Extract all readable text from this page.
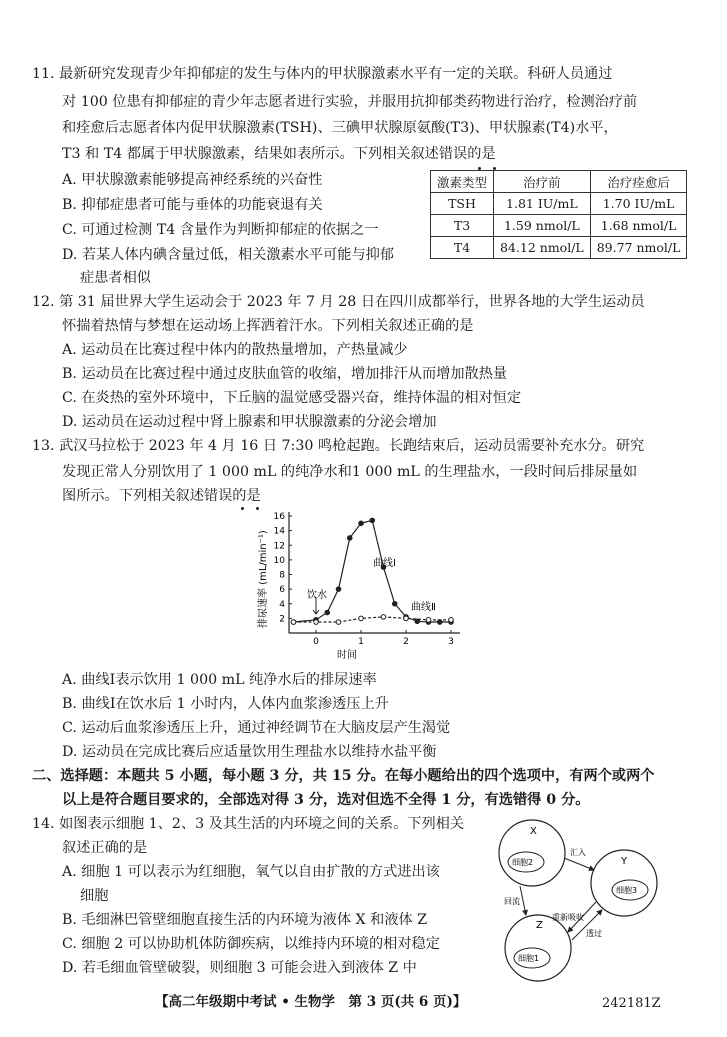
11. 最新研究发现青少年抑郁症的发生与体内的甲状腺激素水平有一定的关联。科研人员通过
对 100 位患有抑郁症的青少年志愿者进行实验，并服用抗抑郁类药物进行治疗，检测治疗前
和痊愈后志愿者体内促甲状腺激素(TSH)、三碘甲状腺原氨酸(T3)、甲状腺素(T4)水平，
T3 和 T4 都属于甲状腺激素，结果如表所示。下列相关叙述错误的是
A. 甲状腺激素能够提高神经系统的兴奋性
B. 抑郁症患者可能与垂体的功能衰退有关
C. 可通过检测 T4 含量作为判断抑郁症的依据之一
D. 若某人体内碘含量过低，相关激素水平可能与抑郁
症患者相似
激素类型	治疗前	治疗痊愈后
TSH	1.81 IU/mL	1.70 IU/mL
T3	1.59 nmol/L	1.68 nmol/L
T4	84.12 nmol/L	89.77 nmol/L
12. 第 31 届世界大学生运动会于 2023 年 7 月 28 日在四川成都举行，世界各地的大学生运动员
怀揣着热情与梦想在运动场上挥洒着汗水。下列相关叙述正确的是
A. 运动员在比赛过程中体内的散热量增加，产热量减少
B. 运动员在比赛过程中通过皮肤血管的收缩，增加排汗从而增加散热量
C. 在炎热的室外环境中，下丘脑的温觉感受器兴奋，维持体温的相对恒定
D. 运动员在运动过程中肾上腺素和甲状腺激素的分泌会增加
13. 武汉马拉松于 2023 年 4 月 16 日 7:30 鸣枪起跑。长跑结束后，运动员需要补充水分。研究
发现正常人分别饮用了 1 000 mL 的纯净水和1 000 mL 的生理盐水，一段时间后排尿量如
图所示。下列相关叙述错误的是
2
4
6
8
10
12
14
16
0	1	2	3
排尿速率 (mL/min⁻¹)
时间
曲线Ⅰ
曲线Ⅱ
饮水
A. 曲线Ⅰ表示饮用 1 000 mL 纯净水后的排尿速率
B. 曲线Ⅰ在饮水后 1 小时内，人体内血浆渗透压上升
C. 运动后血浆渗透压上升，通过神经调节在大脑皮层产生渴觉
D. 运动员在完成比赛后应适量饮用生理盐水以维持水盐平衡
二、选择题：本题共 5 小题，每小题 3 分，共 15 分。在每小题给出的四个选项中，有两个或两个
以上是符合题目要求的，全部选对得 3 分，选对但选不全得 1 分，有选错得 0 分。
14. 如图表示细胞 1、2、3 及其生活的内环境之间的关系。下列相关
叙述正确的是
A. 细胞 1 可以表示为红细胞，氧气以自由扩散的方式进出该
细胞
B. 毛细淋巴管壁细胞直接生活的内环境为液体 X 和液体 Z
C. 细胞 2 可以协助机体防御疾病，以维持内环境的相对稳定
D. 若毛细血管壁破裂，则细胞 3 可能会进入到液体 Z 中
X
Y
Z
细胞2
细胞3
细胞1
汇入
回流
重新吸收
透过
【高二年级期中考试 • 生物学　第 3 页(共 6 页)】	242181Z
